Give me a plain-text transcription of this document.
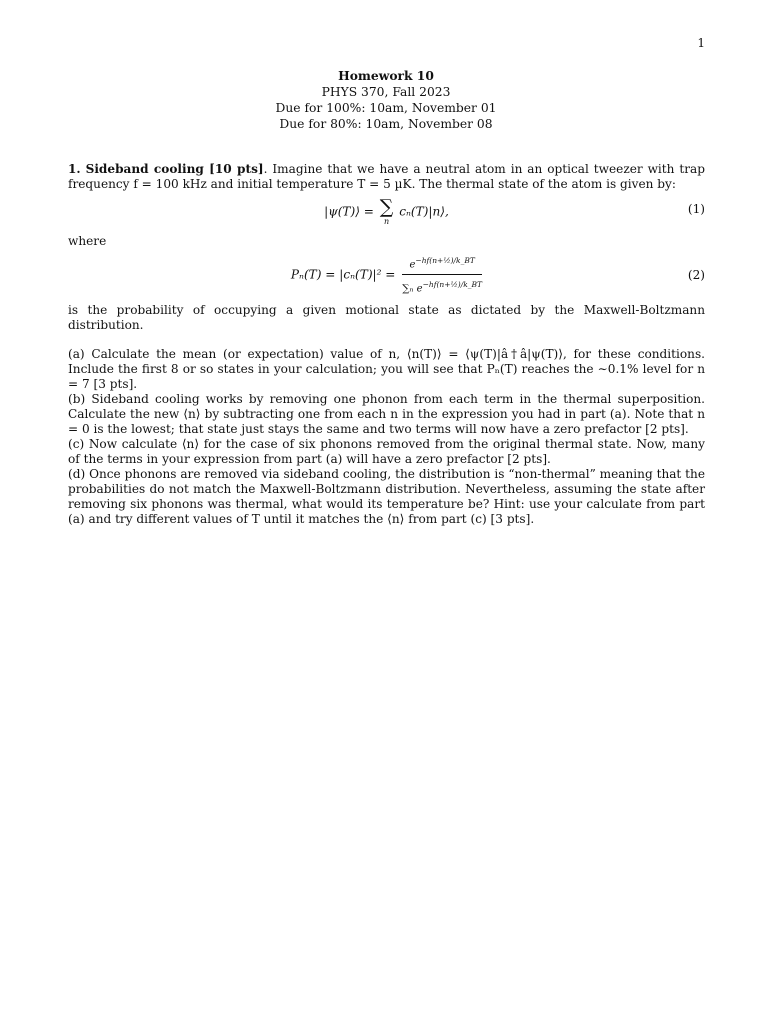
1

Homework 10
PHYS 370, Fall 2023
Due for 100%: 10am, November 01
Due for 80%: 10am, November 08

1. Sideband cooling [10 pts]. Imagine that we have a neutral atom in an optical tweezer with trap frequency f = 100 kHz and initial temperature T = 5 µK. The thermal state of the atom is given by:

|ψ(T)⟩ = ∑
n
cₙ(T)|n⟩,	(1)

where

$P_n(T) = |c_n(T)|^2 = \frac{e^{-hf(n+\frac{1}{2})/k\_BT}}{\sum_n e^{-hf(n+\frac{1}{2})/k\_BT}}$	(2)

is the probability of occupying a given motional state as dictated by the Maxwell-Boltzmann distribution.

(a) Calculate the mean (or expectation) value of n, ⟨n(T)⟩ = ⟨ψ(T)|â†â|ψ(T)⟩, for these conditions. Include the first 8 or so states in your calculation; you will see that Pₙ(T) reaches the ∼0.1% level for n = 7 [3 pts].

(b) Sideband cooling works by removing one phonon from each term in the thermal superposition. Calculate the new ⟨n⟩ by subtracting one from each n in the expression you had in part (a). Note that n = 0 is the lowest; that state just stays the same and two terms will now have a zero prefactor [2 pts].

(c) Now calculate ⟨n⟩ for the case of six phonons removed from the original thermal state. Now, many of the terms in your expression from part (a) will have a zero prefactor [2 pts].

(d) Once phonons are removed via sideband cooling, the distribution is “non-thermal” meaning that the probabilities do not match the Maxwell-Boltzmann distribution. Nevertheless, assuming the state after removing six phonons was thermal, what would its temperature be? Hint: use your calculate from part (a) and try different values of T until it matches the ⟨n⟩ from part (c) [3 pts].
